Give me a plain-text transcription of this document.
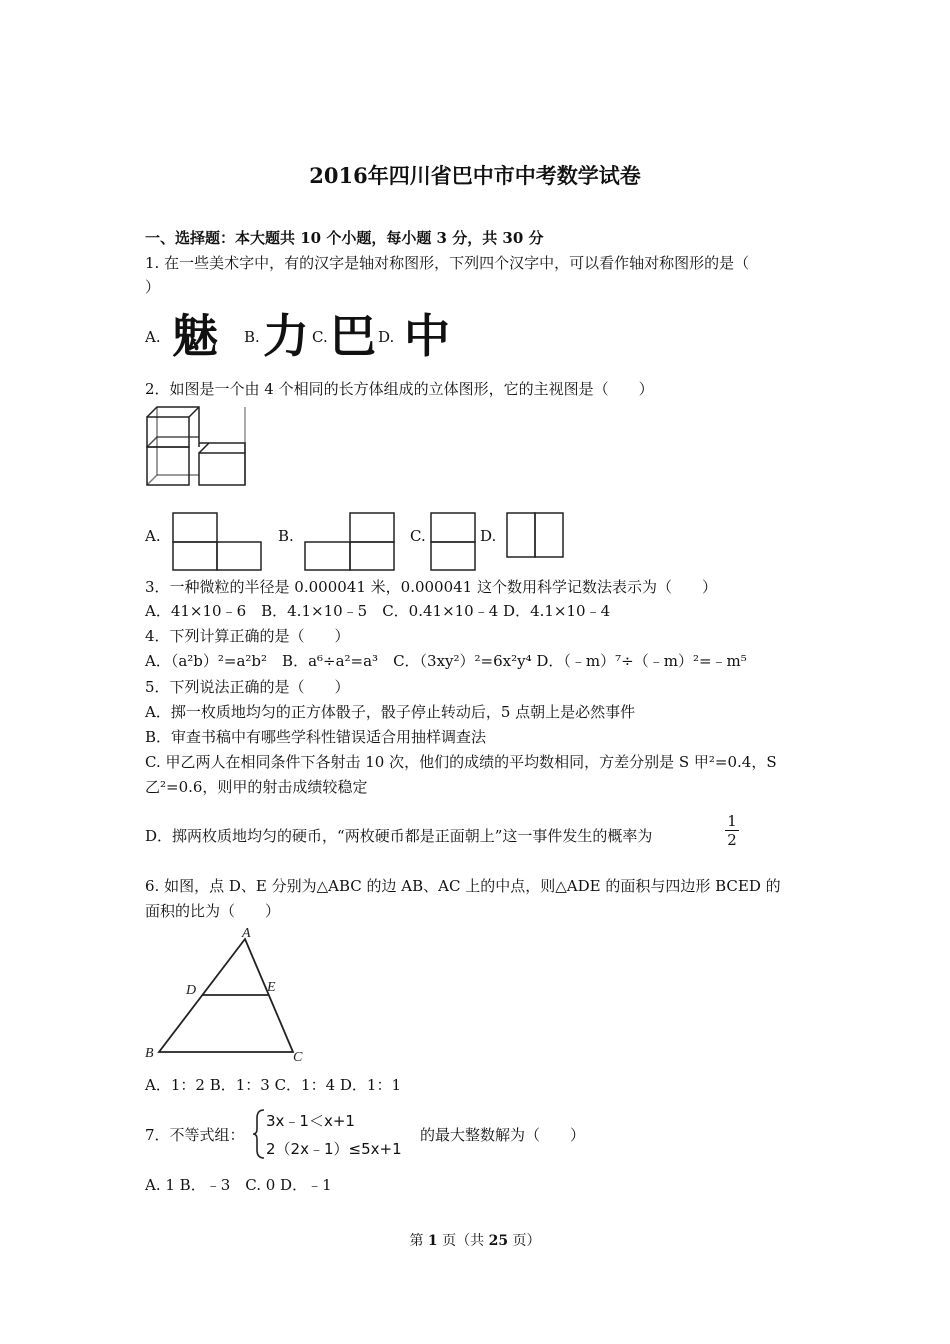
2016年四川省巴中市中考数学试卷
一、选择题：本大题共 10 个小题，每小题 3 分，共 30 分
1. 在一些美术字中，有的汉字是轴对称图形，下列四个汉字中，可以看作轴对称图形的是（
）
A. 魅 B. 力 C. 巴 D. 中
2．如图是一个由 4 个相同的长方体组成的立体图形，它的主视图是（　　）
A.	B.	C.	D.
3．一种微粒的半径是 0.000041 米，0.000041 这个数用科学记数法表示为（　　）
A．41×10﹣6　B．4.1×10﹣5　C．0.41×10﹣4 D．4.1×10﹣4
4．下列计算正确的是（　　）
A．（a²b）²=a²b²　B．a⁶÷a²=a³　C．（3xy²）²=6x²y⁴ D．（﹣m）⁷÷（﹣m）²=﹣m⁵
5．下列说法正确的是（　　）
A．掷一枚质地均匀的正方体骰子，骰子停止转动后，5 点朝上是必然事件
B．审查书稿中有哪些学科性错误适合用抽样调查法
C. 甲乙两人在相同条件下各射击 10 次，他们的成绩的平均数相同，方差分别是 S 甲²=0.4，S
乙²=0.6，则甲的射击成绩较稳定
D．掷两枚质地均匀的硬币，“两枚硬币都是正面朝上”这一事件发生的概率为	$\frac{1}{2}$
6. 如图，点 D、E 分别为△ABC 的边 AB、AC 上的中点，则△ADE 的面积与四边形 BCED 的
面积的比为（　　）
A
D	E
B	C
A．1：2 B．1：3 C．1：4 D．1：1
7．不等式组：
3x﹣1＜x+1
2（2x﹣1）≤5x+1
的最大整数解为（　　）
A. 1 B．﹣3　C. 0 D．﹣1
第 1 页（共 25 页）
